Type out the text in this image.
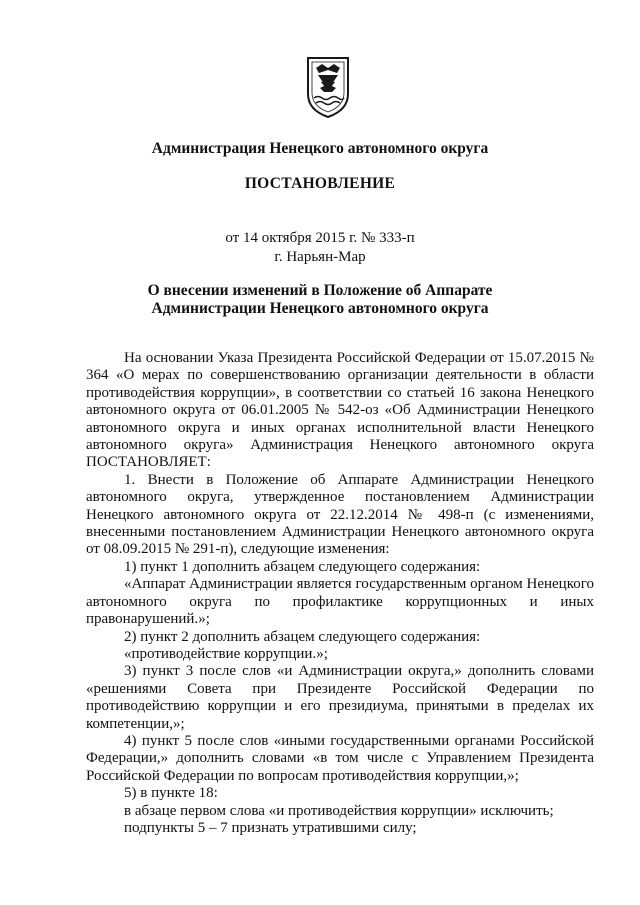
Администрация Ненецкого автономного округа
ПОСТАНОВЛЕНИЕ
от 14 октября 2015 г. № 333-п
г. Нарьян-Мар
О внесении изменений в Положение об Аппарате
Администрации Ненецкого автономного округа

На основании Указа Президента Российской Федерации от 15.07.2015 № 364 «О мерах по совершенствованию организации деятельности в области противодействия коррупции», в соответствии со статьей 16 закона Ненецкого автономного округа от 06.01.2005 № 542-оз «Об Администрации Ненецкого автономного округа и иных органах исполнительной власти Ненецкого автономного округа» Администрация Ненецкого автономного округа ПОСТАНОВЛЯЕТ:

1. Внести в Положение об Аппарате Администрации Ненецкого автономного округа, утвержденное постановлением Администрации Ненецкого автономного округа от 22.12.2014 № 498-п (с изменениями, внесенными постановлением Администрации Ненецкого автономного округа от 08.09.2015 № 291-п), следующие изменения:

1) пункт 1 дополнить абзацем следующего содержания:

«Аппарат Администрации является государственным органом Ненецкого автономного округа по профилактике коррупционных и иных правонарушений.»;

2) пункт 2 дополнить абзацем следующего содержания:

«противодействие коррупции.»;

3) пункт 3 после слов «и Администрации округа,» дополнить словами «решениями Совета при Президенте Российской Федерации по противодействию коррупции и его президиума, принятыми в пределах их компетенции,»;

4) пункт 5 после слов «иными государственными органами Российской Федерации,» дополнить словами «в том числе с Управлением Президента Российской Федерации по вопросам противодействия коррупции,»;

5) в пункте 18:

в абзаце первом слова «и противодействия коррупции» исключить;

подпункты 5 – 7 признать утратившими силу;
